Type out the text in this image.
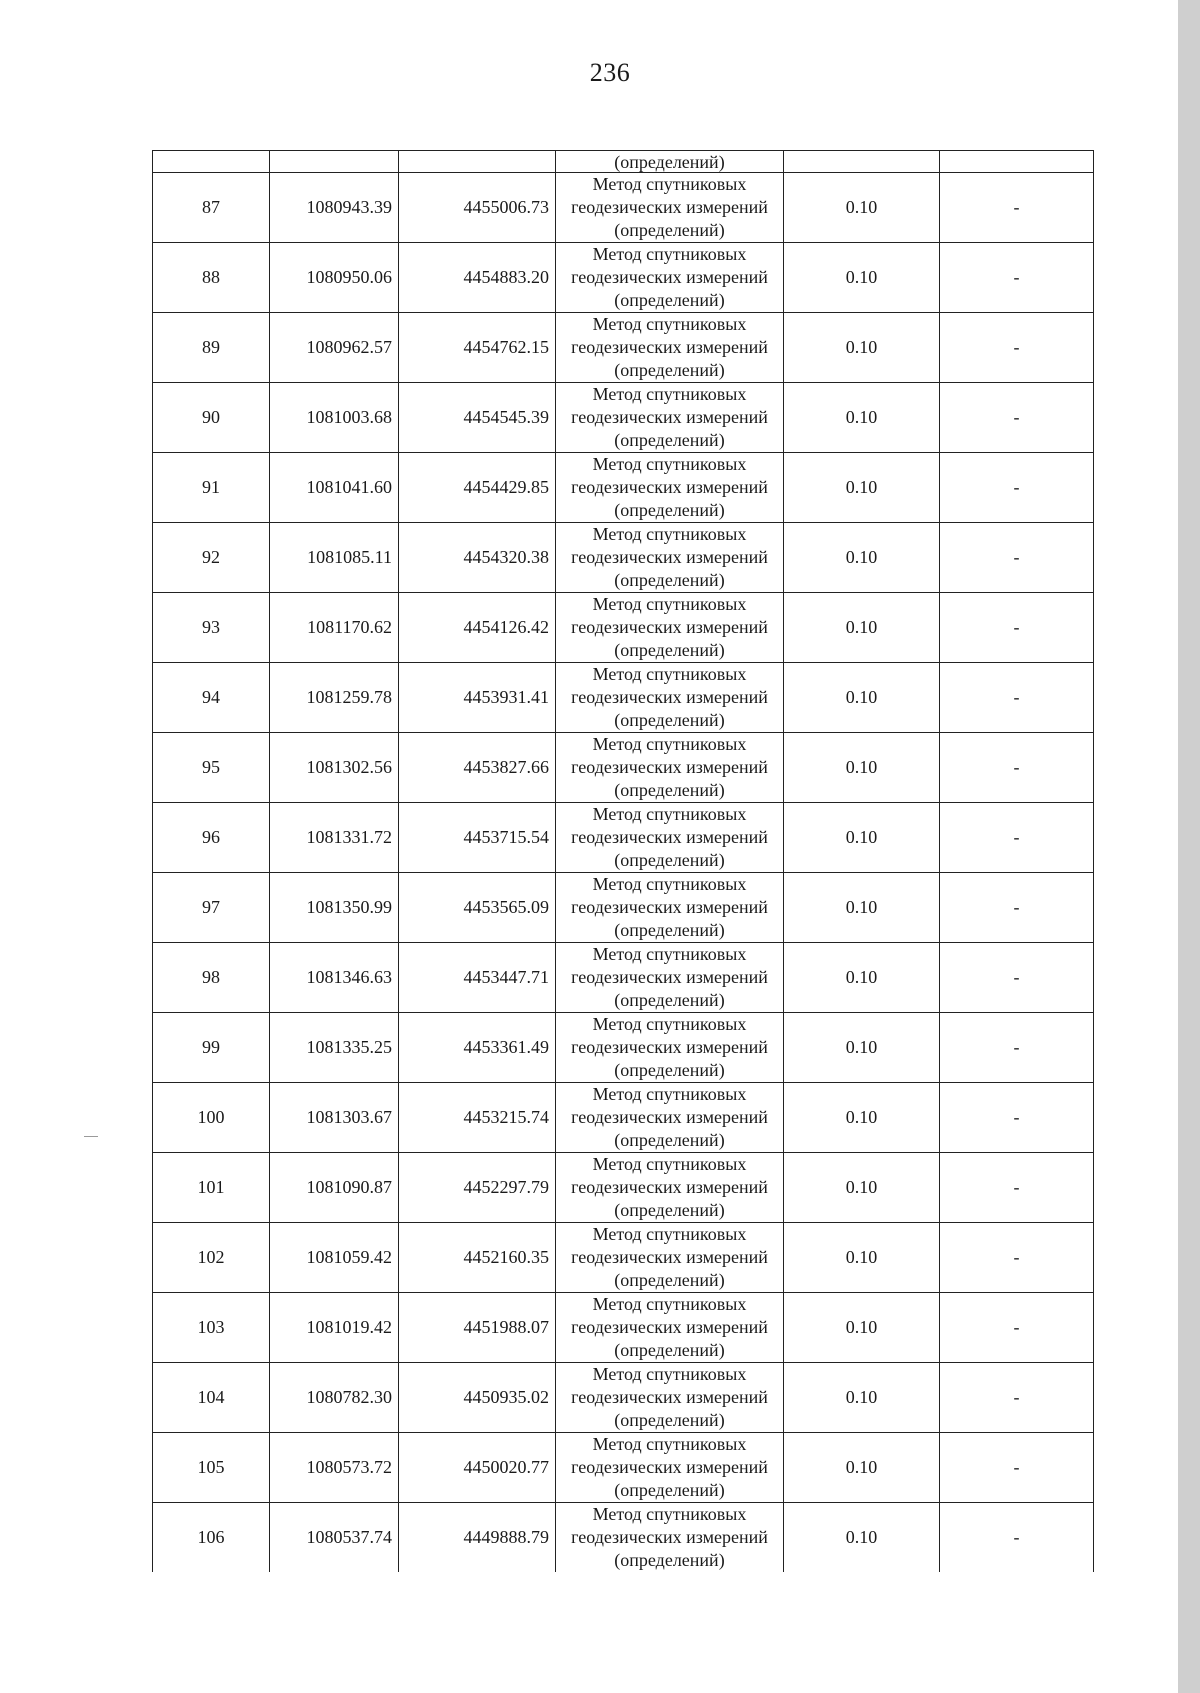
236
			(определений)		
87	1080943.39	4455006.73	Метод спутниковых
геодезических измерений
(определений)	0.10	-
88	1080950.06	4454883.20	Метод спутниковых
геодезических измерений
(определений)	0.10	-
89	1080962.57	4454762.15	Метод спутниковых
геодезических измерений
(определений)	0.10	-
90	1081003.68	4454545.39	Метод спутниковых
геодезических измерений
(определений)	0.10	-
91	1081041.60	4454429.85	Метод спутниковых
геодезических измерений
(определений)	0.10	-
92	1081085.11	4454320.38	Метод спутниковых
геодезических измерений
(определений)	0.10	-
93	1081170.62	4454126.42	Метод спутниковых
геодезических измерений
(определений)	0.10	-
94	1081259.78	4453931.41	Метод спутниковых
геодезических измерений
(определений)	0.10	-
95	1081302.56	4453827.66	Метод спутниковых
геодезических измерений
(определений)	0.10	-
96	1081331.72	4453715.54	Метод спутниковых
геодезических измерений
(определений)	0.10	-
97	1081350.99	4453565.09	Метод спутниковых
геодезических измерений
(определений)	0.10	-
98	1081346.63	4453447.71	Метод спутниковых
геодезических измерений
(определений)	0.10	-
99	1081335.25	4453361.49	Метод спутниковых
геодезических измерений
(определений)	0.10	-
100	1081303.67	4453215.74	Метод спутниковых
геодезических измерений
(определений)	0.10	-
101	1081090.87	4452297.79	Метод спутниковых
геодезических измерений
(определений)	0.10	-
102	1081059.42	4452160.35	Метод спутниковых
геодезических измерений
(определений)	0.10	-
103	1081019.42	4451988.07	Метод спутниковых
геодезических измерений
(определений)	0.10	-
104	1080782.30	4450935.02	Метод спутниковых
геодезических измерений
(определений)	0.10	-
105	1080573.72	4450020.77	Метод спутниковых
геодезических измерений
(определений)	0.10	-
106	1080537.74	4449888.79	Метод спутниковых
геодезических измерений
(определений)	0.10	-
